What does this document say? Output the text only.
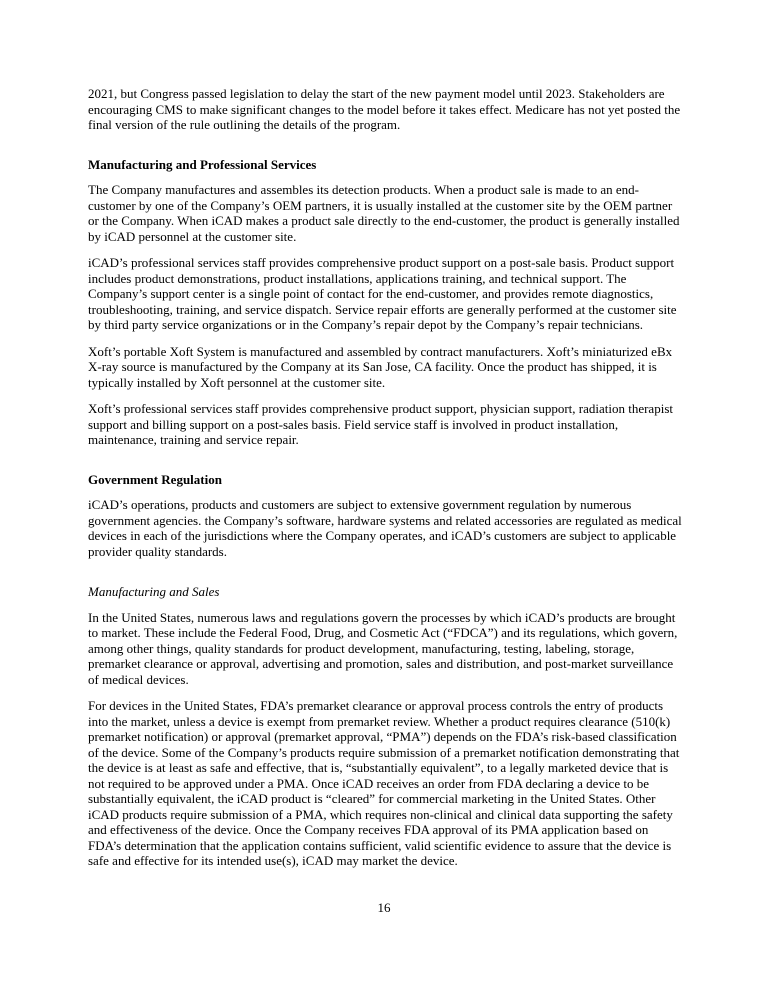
2021, but Congress passed legislation to delay the start of the new payment model until 2023. Stakeholders are encouraging CMS to make significant changes to the model before it takes effect. Medicare has not yet posted the final version of the rule outlining the details of the program.
Manufacturing and Professional Services
The Company manufactures and assembles its detection products. When a product sale is made to an end-customer by one of the Company’s OEM partners, it is usually installed at the customer site by the OEM partner or the Company. When iCAD makes a product sale directly to the end-customer, the product is generally installed by iCAD personnel at the customer site.
iCAD’s professional services staff provides comprehensive product support on a post-sale basis. Product support includes product demonstrations, product installations, applications training, and technical support. The Company’s support center is a single point of contact for the end-customer, and provides remote diagnostics, troubleshooting, training, and service dispatch. Service repair efforts are generally performed at the customer site by third party service organizations or in the Company’s repair depot by the Company’s repair technicians.
Xoft’s portable Xoft System is manufactured and assembled by contract manufacturers. Xoft’s miniaturized eBx X-ray source is manufactured by the Company at its San Jose, CA facility. Once the product has shipped, it is typically installed by Xoft personnel at the customer site.
Xoft’s professional services staff provides comprehensive product support, physician support, radiation therapist support and billing support on a post-sales basis. Field service staff is involved in product installation, maintenance, training and service repair.
Government Regulation
iCAD’s operations, products and customers are subject to extensive government regulation by numerous government agencies. the Company’s software, hardware systems and related accessories are regulated as medical devices in each of the jurisdictions where the Company operates, and iCAD’s customers are subject to applicable provider quality standards.
Manufacturing and Sales
In the United States, numerous laws and regulations govern the processes by which iCAD’s products are brought to market. These include the Federal Food, Drug, and Cosmetic Act (“FDCA”) and its regulations, which govern, among other things, quality standards for product development, manufacturing, testing, labeling, storage, premarket clearance or approval, advertising and promotion, sales and distribution, and post-market surveillance of medical devices.
For devices in the United States, FDA’s premarket clearance or approval process controls the entry of products into the market, unless a device is exempt from premarket review. Whether a product requires clearance (510(k) premarket notification) or approval (premarket approval, “PMA”) depends on the FDA’s risk-based classification of the device. Some of the Company’s products require submission of a premarket notification demonstrating that the device is at least as safe and effective, that is, “substantially equivalent”, to a legally marketed device that is not required to be approved under a PMA. Once iCAD receives an order from FDA declaring a device to be substantially equivalent, the iCAD product is “cleared” for commercial marketing in the United States. Other iCAD products require submission of a PMA, which requires non-clinical and clinical data supporting the safety and effectiveness of the device. Once the Company receives FDA approval of its PMA application based on FDA’s determination that the application contains sufficient, valid scientific evidence to assure that the device is safe and effective for its intended use(s), iCAD may market the device.
16
